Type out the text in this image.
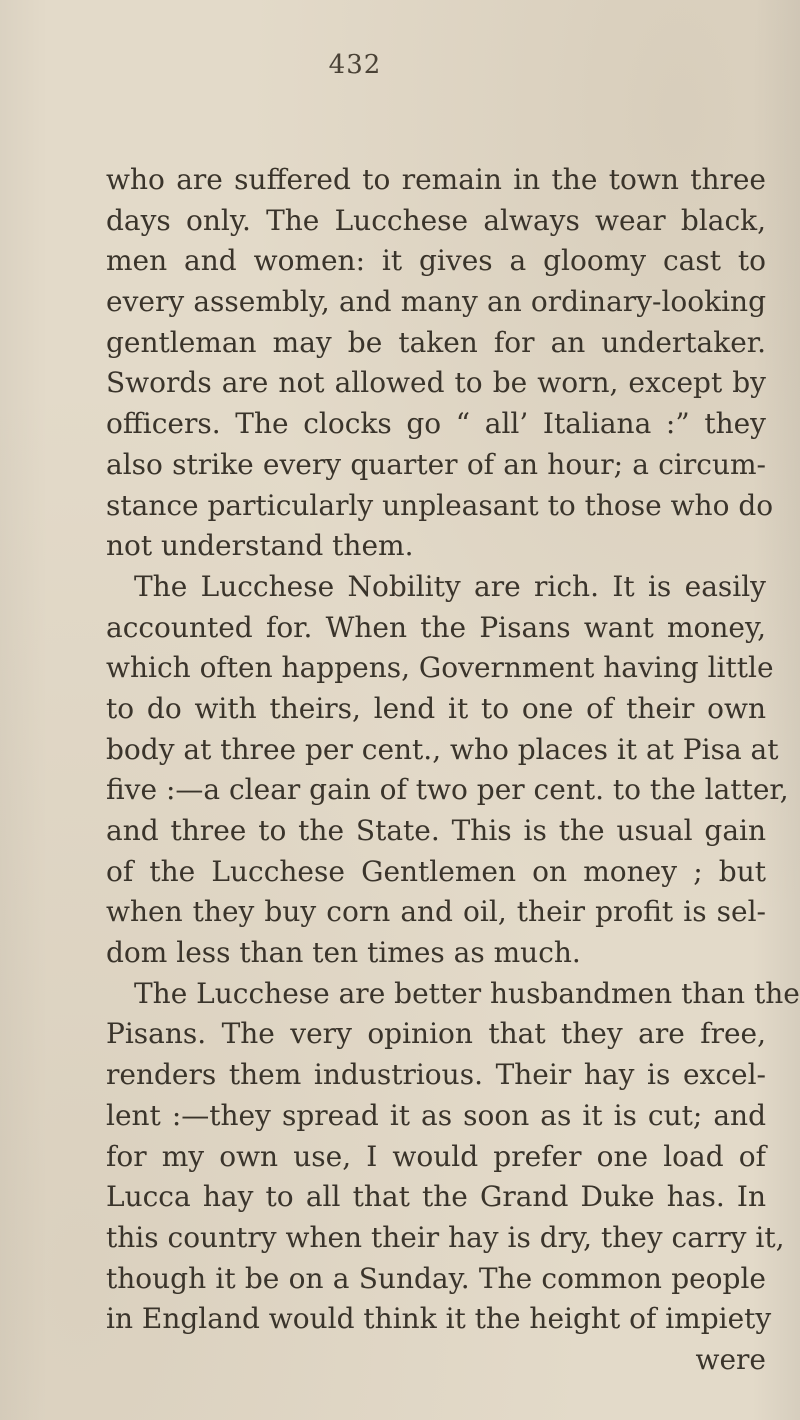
432
who are suffered to remain in the town three
days only. The Lucchese always wear black,
men and women: it gives a gloomy cast to
every assembly, and many an ordinary-looking
gentleman may be taken for an undertaker.
Swords are not allowed to be worn, except by
officers. The clocks go “ all’ Italiana :” they
also strike every quarter of an hour; a circum-
stance particularly unpleasant to those who do
not understand them.
The Lucchese Nobility are rich. It is easily
accounted for. When the Pisans want money,
which often happens, Government having little
to do with theirs, lend it to one of their own
body at three per cent., who places it at Pisa at
five :—a clear gain of two per cent. to the latter,
and three to the State. This is the usual gain
of the Lucchese Gentlemen on money ; but
when they buy corn and oil, their profit is sel-
dom less than ten times as much.
The Lucchese are better husbandmen than the
Pisans. The very opinion that they are free,
renders them industrious. Their hay is excel-
lent :—they spread it as soon as it is cut; and
for my own use, I would prefer one load of
Lucca hay to all that the Grand Duke has. In
this country when their hay is dry, they carry it,
though it be on a Sunday. The common people
in England would think it the height of impiety
were
